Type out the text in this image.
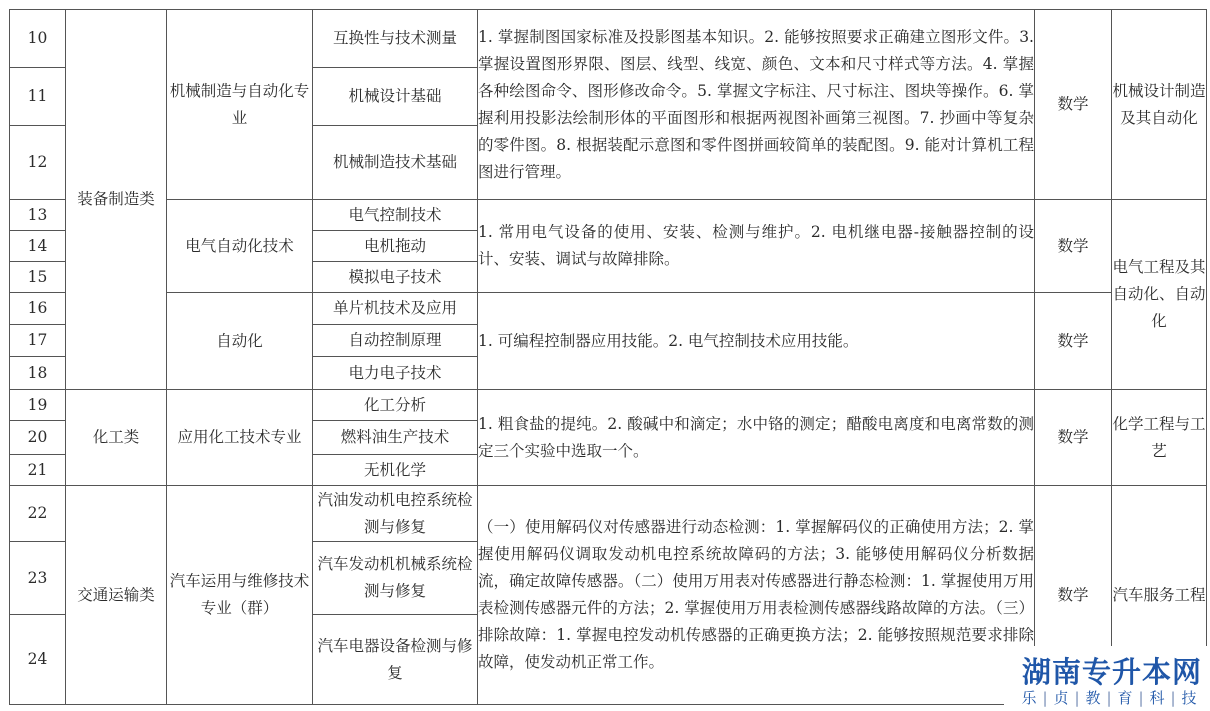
10	装备制造类	机械制造与自动化专业	互换性与技术测量	1. 掌握制图国家标准及投影图基本知识。2. 能够按照要求正确建立图形文件。3. 掌握设置图形界限、图层、线型、线宽、颜色、文本和尺寸样式等方法。4. 掌握各种绘图命令、图形修改命令。5. 掌握文字标注、尺寸标注、图块等操作。6. 掌握利用投影法绘制形体的平面图形和根据两视图补画第三视图。7. 抄画中等复杂的零件图。8. 根据装配示意图和零件图拼画较简单的装配图。9. 能对计算机工程图进行管理。	数学	机械设计制造及其自动化
11			机械设计基础			
12			机械制造技术基础			
13		电气自动化技术	电气控制技术	1. 常用电气设备的使用、安装、检测与维护。2. 电机继电器-接触器控制的设计、安装、调试与故障排除。	数学	电气工程及其自动化、自动化
14			电机拖动			
15			模拟电子技术			
16		自动化	单片机技术及应用	1. 可编程控制器应用技能。2. 电气控制技术应用技能。	数学	
17			自动控制原理			
18			电力电子技术			
19	化工类	应用化工技术专业	化工分析	1. 粗食盐的提纯。2. 酸碱中和滴定；水中铬的测定；醋酸电离度和电离常数的测定三个实验中选取一个。	数学	化学工程与工艺
20			燃料油生产技术			
21			无机化学			
22	交通运输类	汽车运用与维修技术专业（群）	汽油发动机电控系统检测与修复	（一）使用解码仪对传感器进行动态检测：1. 掌握解码仪的正确使用方法；2. 掌握使用解码仪调取发动机电控系统故障码的方法；3. 能够使用解码仪分析数据流，确定故障传感器。（二）使用万用表对传感器进行静态检测：1. 掌握使用万用表检测传感器元件的方法；2. 掌握使用万用表检测传感器线路故障的方法。（三）排除故障：1. 掌握电控发动机传感器的正确更换方法；2. 能够按照规范要求排除故障，使发动机正常工作。	数学	汽车服务工程
23			汽车发动机机械系统检测与修复			
24			汽车电器设备检测与修复				湖南专升本网
乐 | 贞 | 教 | 育 | 科 | 技
